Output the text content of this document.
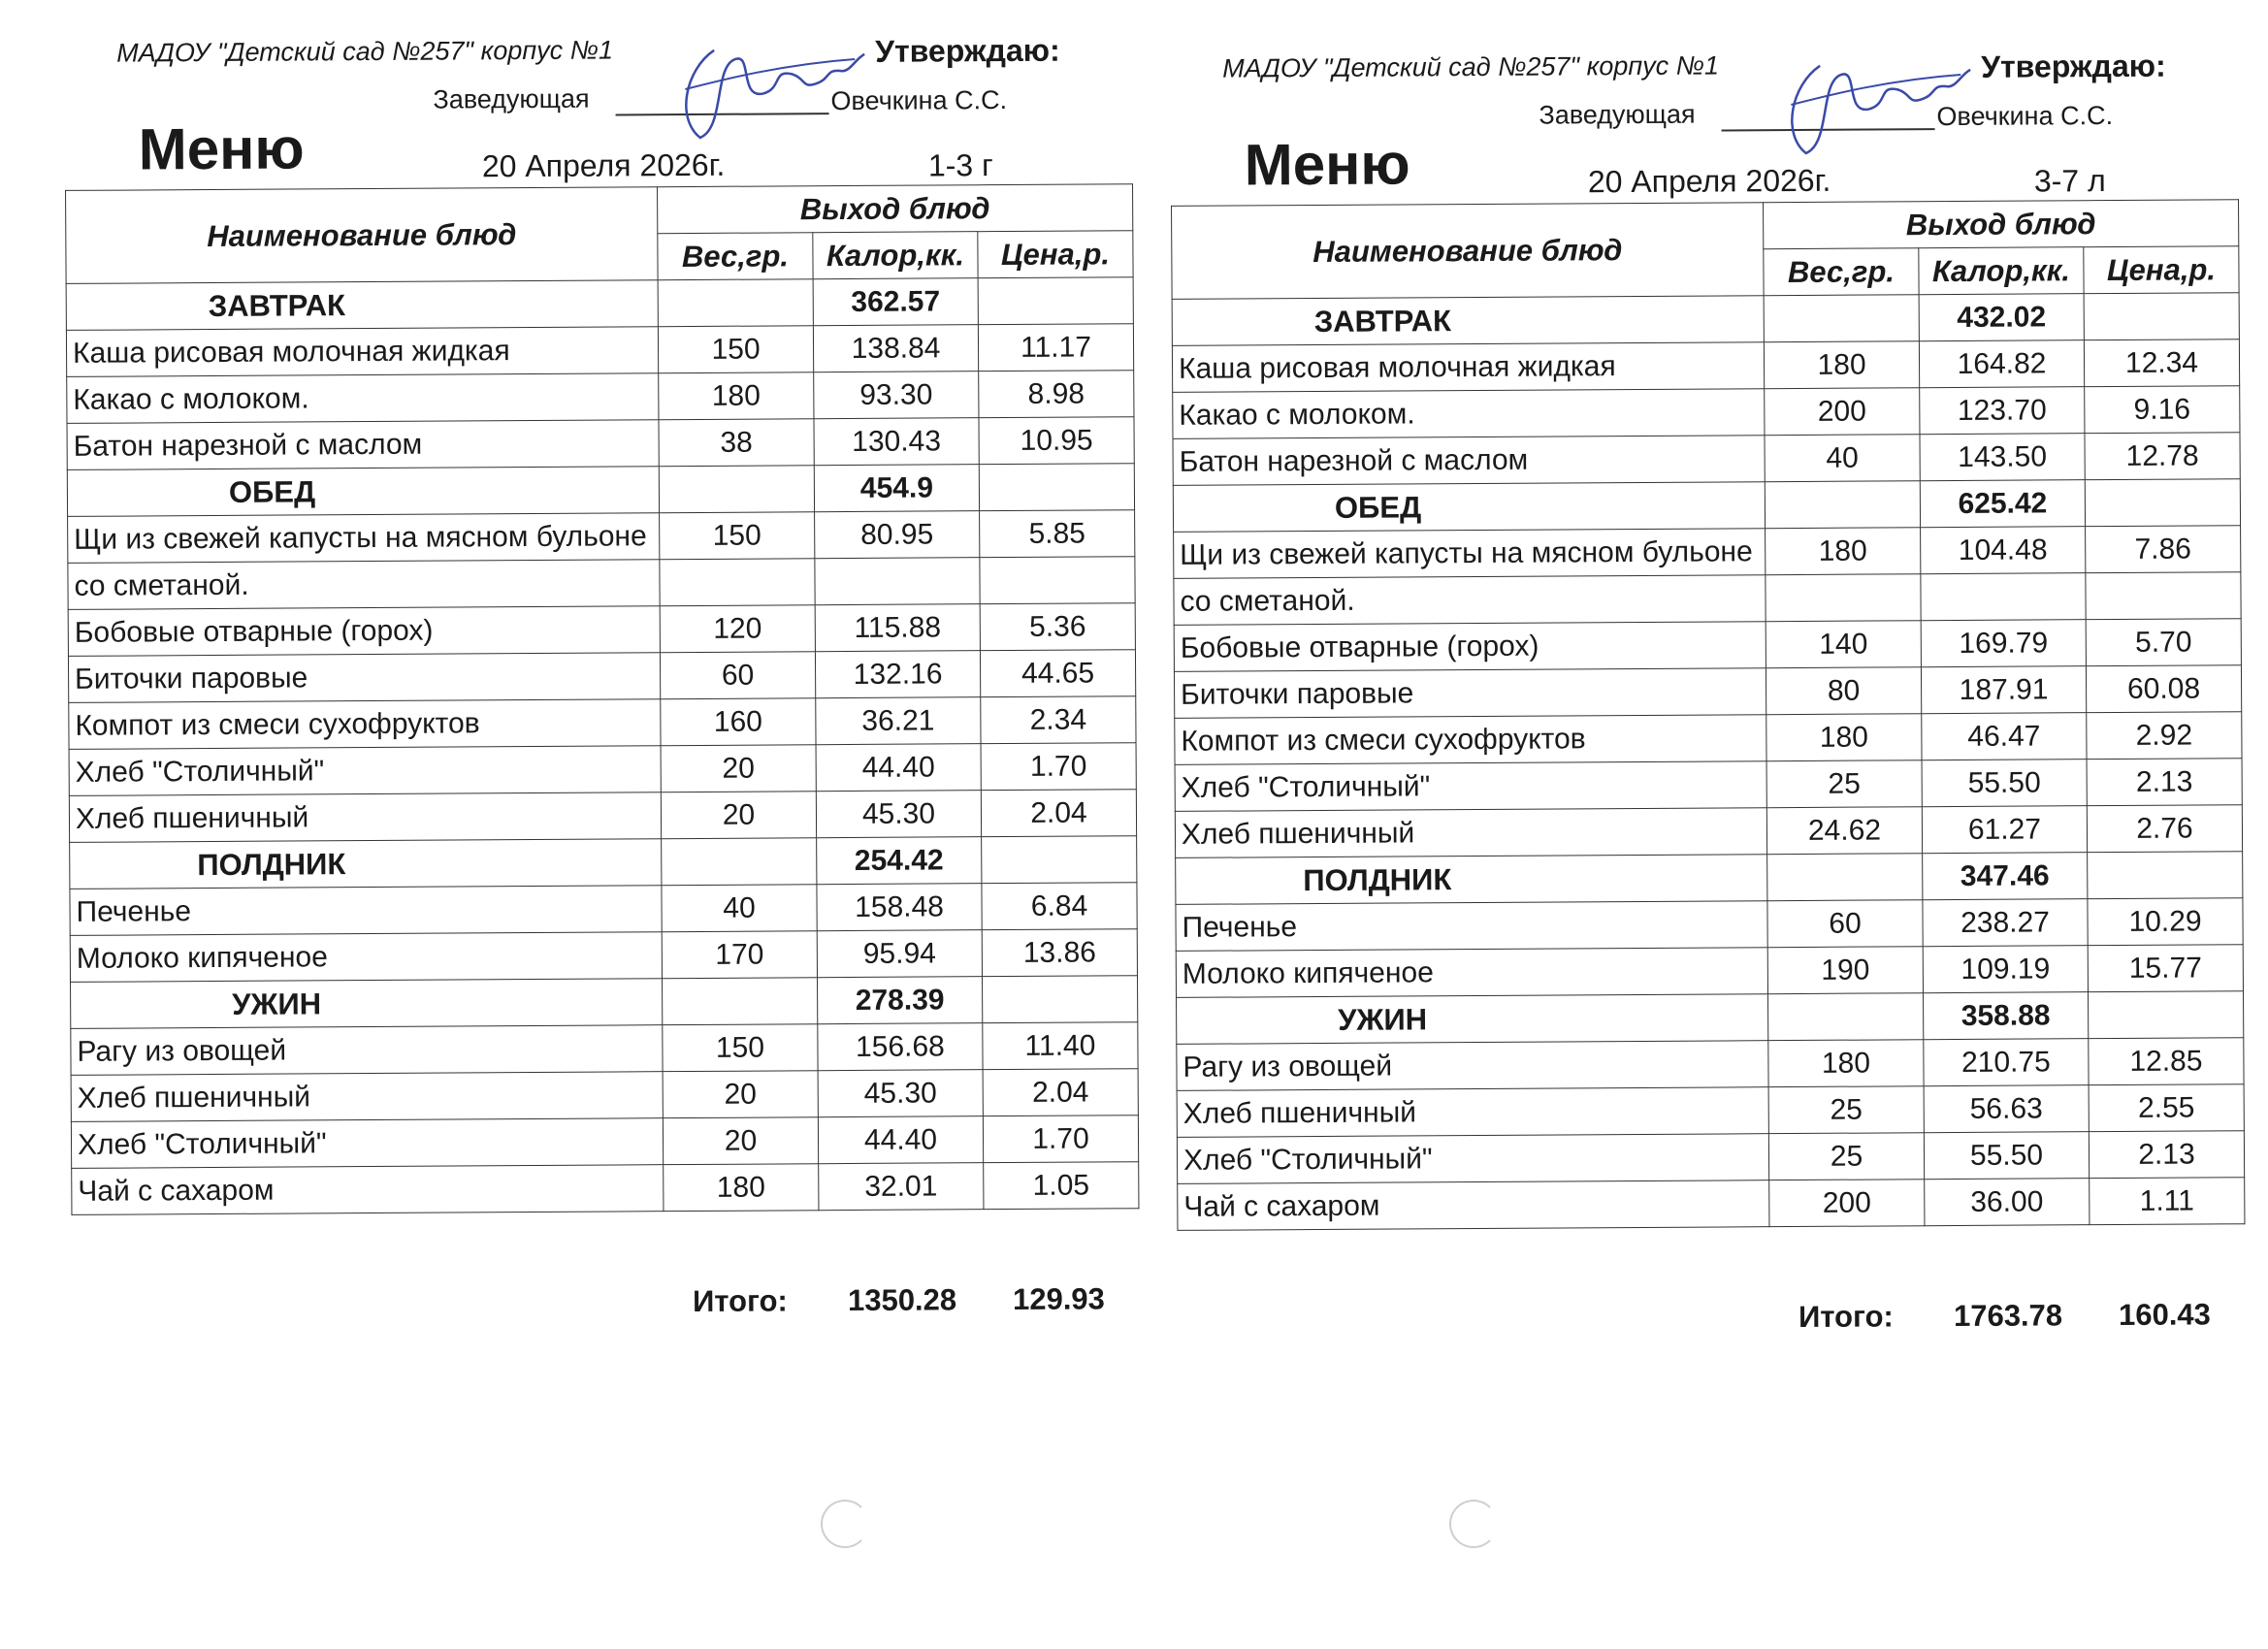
МАДОУ "Детский сад №257" корпус №1	Утверждаю:
Заведующая	Овечкина С.С.
Меню	20 Апреля 2026г.	1-3 г
Наименование блюд	Выход блюд		
	Вес,гр.	Калор,кк.	Цена,р.
ЗАВТРАК		362.57	
Каша рисовая молочная жидкая	150	138.84	11.17
Какао с молоком.	180	93.30	8.98
Батон нарезной с маслом	38	130.43	10.95
ОБЕД		454.9	
Щи из свежей капусты на мясном бульоне	150	80.95	5.85
со сметаной.			
Бобовые отварные (горох)	120	115.88	5.36
Биточки паровые	60	132.16	44.65
Компот из смеси сухофруктов	160	36.21	2.34
Хлеб "Столичный"	20	44.40	1.70
Хлеб пшеничный	20	45.30	2.04
ПОЛДНИК		254.42	
Печенье	40	158.48	6.84
Молоко кипяченое	170	95.94	13.86
УЖИН		278.39	
Рагу из овощей	150	156.68	11.40
Хлеб пшеничный	20	45.30	2.04
Хлеб "Столичный"	20	44.40	1.70
Чай с сахаром	180	32.01	1.05
Итого: 1350.28 129.93
МАДОУ "Детский сад №257" корпус №1	Утверждаю:
Заведующая	Овечкина С.С.
Меню	20 Апреля 2026г.	3-7 л
Наименование блюд	Выход блюд		
	Вес,гр.	Калор,кк.	Цена,р.
ЗАВТРАК		432.02	
Каша рисовая молочная жидкая	180	164.82	12.34
Какао с молоком.	200	123.70	9.16
Батон нарезной с маслом	40	143.50	12.78
ОБЕД		625.42	
Щи из свежей капусты на мясном бульоне	180	104.48	7.86
со сметаной.			
Бобовые отварные (горох)	140	169.79	5.70
Биточки паровые	80	187.91	60.08
Компот из смеси сухофруктов	180	46.47	2.92
Хлеб "Столичный"	25	55.50	2.13
Хлеб пшеничный	24.62	61.27	2.76
ПОЛДНИК		347.46	
Печенье	60	238.27	10.29
Молоко кипяченое	190	109.19	15.77
УЖИН		358.88	
Рагу из овощей	180	210.75	12.85
Хлеб пшеничный	25	56.63	2.55
Хлеб "Столичный"	25	55.50	2.13
Чай с сахаром	200	36.00	1.11
Итого: 1763.78 160.43
